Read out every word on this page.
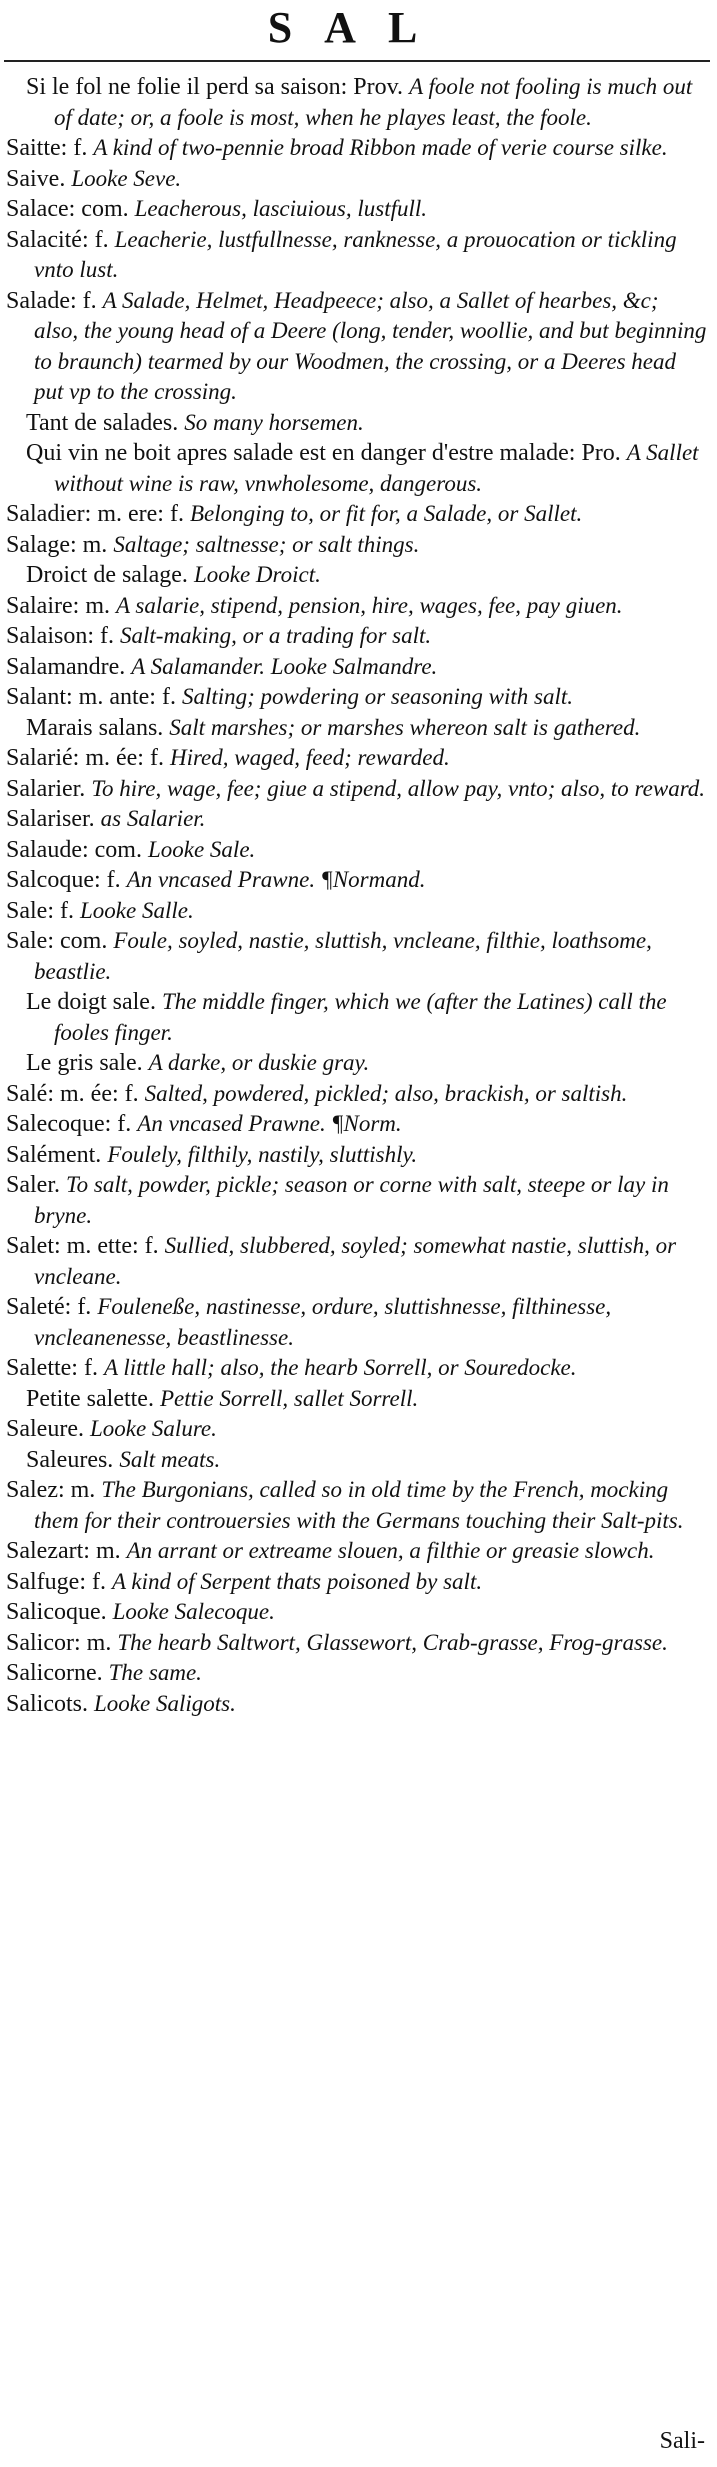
SAL

Si le fol ne folie il perd sa saison: Prov. A foole not fooling is much out of date; or, a foole is most, when he playes least, the foole.

Saitte: f. A kind of two-pennie broad Ribbon made of verie course silke.

Saive. Looke Seve.

Salace: com. Leacherous, lasciuious, lustfull.

Salacité: f. Leacherie, lustfullnesse, ranknesse, a prouocation or tickling vnto lust.

Salade: f. A Salade, Helmet, Headpeece; also, a Sallet of hearbes, &c; also, the young head of a Deere (long, tender, woollie, and but beginning to braunch) tearmed by our Woodmen, the crossing, or a Deeres head put vp to the crossing.

Tant de salades. So many horsemen.

Qui vin ne boit apres salade est en danger d'estre malade: Pro. A Sallet without wine is raw, vnwholesome, dangerous.

Saladier: m. ere: f. Belonging to, or fit for, a Salade, or Sallet.

Salage: m. Saltage; saltnesse; or salt things.

Droict de salage. Looke Droict.

Salaire: m. A salarie, stipend, pension, hire, wages, fee, pay giuen.

Salaison: f. Salt-making, or a trading for salt.

Salamandre. A Salamander. Looke Salmandre.

Salant: m. ante: f. Salting; powdering or seasoning with salt.

Marais salans. Salt marshes; or marshes whereon salt is gathered.

Salarié: m. ée: f. Hired, waged, feed; rewarded.

Salarier. To hire, wage, fee; giue a stipend, allow pay, vnto; also, to reward.

Salariser. as Salarier.

Salaude: com. Looke Sale.

Salcoque: f. An vncased Prawne. ¶Normand.

Sale: f. Looke Salle.

Sale: com. Foule, soyled, nastie, sluttish, vncleane, filthie, loathsome, beastlie.

Le doigt sale. The middle finger, which we (after the Latines) call the fooles finger.

Le gris sale. A darke, or duskie gray.

Salé: m. ée: f. Salted, powdered, pickled; also, brackish, or saltish.

Salecoque: f. An vncased Prawne. ¶Norm.

Salément. Foulely, filthily, nastily, sluttishly.

Saler. To salt, powder, pickle; season or corne with salt, steepe or lay in bryne.

Salet: m. ette: f. Sullied, slubbered, soyled; somewhat nastie, sluttish, or vncleane.

Saleté: f. Fouleneße, nastinesse, ordure, sluttishnesse, filthinesse, vncleanenesse, beastlinesse.

Salette: f. A little hall; also, the hearb Sorrell, or Souredocke.

Petite salette. Pettie Sorrell, sallet Sorrell.

Saleure. Looke Salure.

Saleures. Salt meats.

Salez: m. The Burgonians, called so in old time by the French, mocking them for their controuersies with the Germans touching their Salt-pits.

Salezart: m. An arrant or extreame slouen, a filthie or greasie slowch.

Salfuge: f. A kind of Serpent thats poisoned by salt.

Salicoque. Looke Salecoque.

Salicor: m. The hearb Saltwort, Glassewort, Crab-grasse, Frog-grasse.

Salicorne. The same.

Salicots. Looke Saligots.

Sali-
